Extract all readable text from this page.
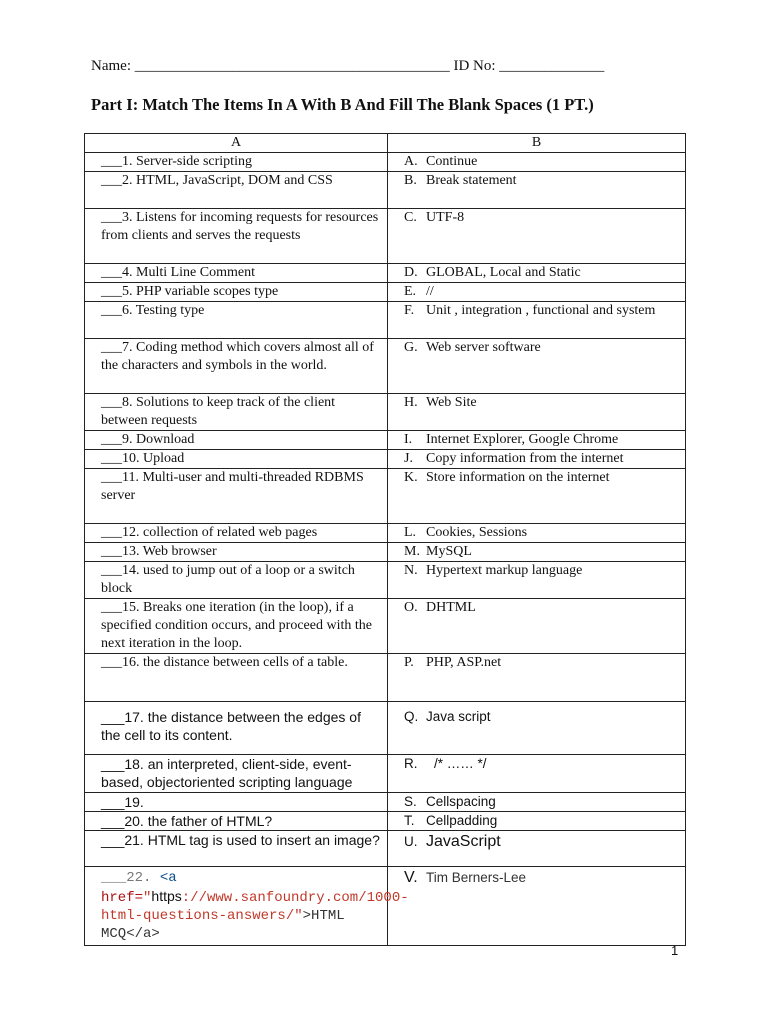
Name: __________________________________________ ID No: ______________
Part I: Match The Items In A With B And Fill The Blank Spaces (1 PT.)
A	B
___1. Server-side scripting	A. Continue

___2. HTML, JavaScript, DOM and CSS	B. Break statement

___3. Listens for incoming requests for resources from clients and serves the requests	C. UTF-8

___4. Multi Line Comment	D. GLOBAL, Local and Static

___5. PHP variable scopes type	E. //

___6. Testing type	F. Unit , integration , functional and system

___7. Coding method which covers almost all of the characters and symbols in the world.	G. Web server software

___8. Solutions to keep track of the client between requests	H. Web Site

___9. Download	I. Internet Explorer, Google Chrome

___10. Upload	J. Copy information from the internet

___11. Multi-user and multi-threaded RDBMS server	K. Store information on the internet

___12. collection of related web pages	L. Cookies, Sessions

___13. Web browser	M. MySQL

___14. used to jump out of a loop or a switch block	N. Hypertext markup language

___15. Breaks one iteration (in the loop), if a specified condition occurs, and proceed with the next iteration in the loop.	O. DHTML

___16. the distance between cells of a table.	P. PHP, ASP.net

___17. the distance between the edges of the cell to its content.	Q. Java script

___18. an interpreted, client-side, event-based, objectoriented scripting language	R. /* …… */

___19.	S. Cellspacing

___20. the father of HTML?	T. Cellpadding

___21. HTML tag is used to insert an image?	U. JavaScript

___22. <a
href="https://www.sanfoundry.com/1000-html-questions-answers/">HTML MCQ</a>	V. Tim Berners-Lee
1
